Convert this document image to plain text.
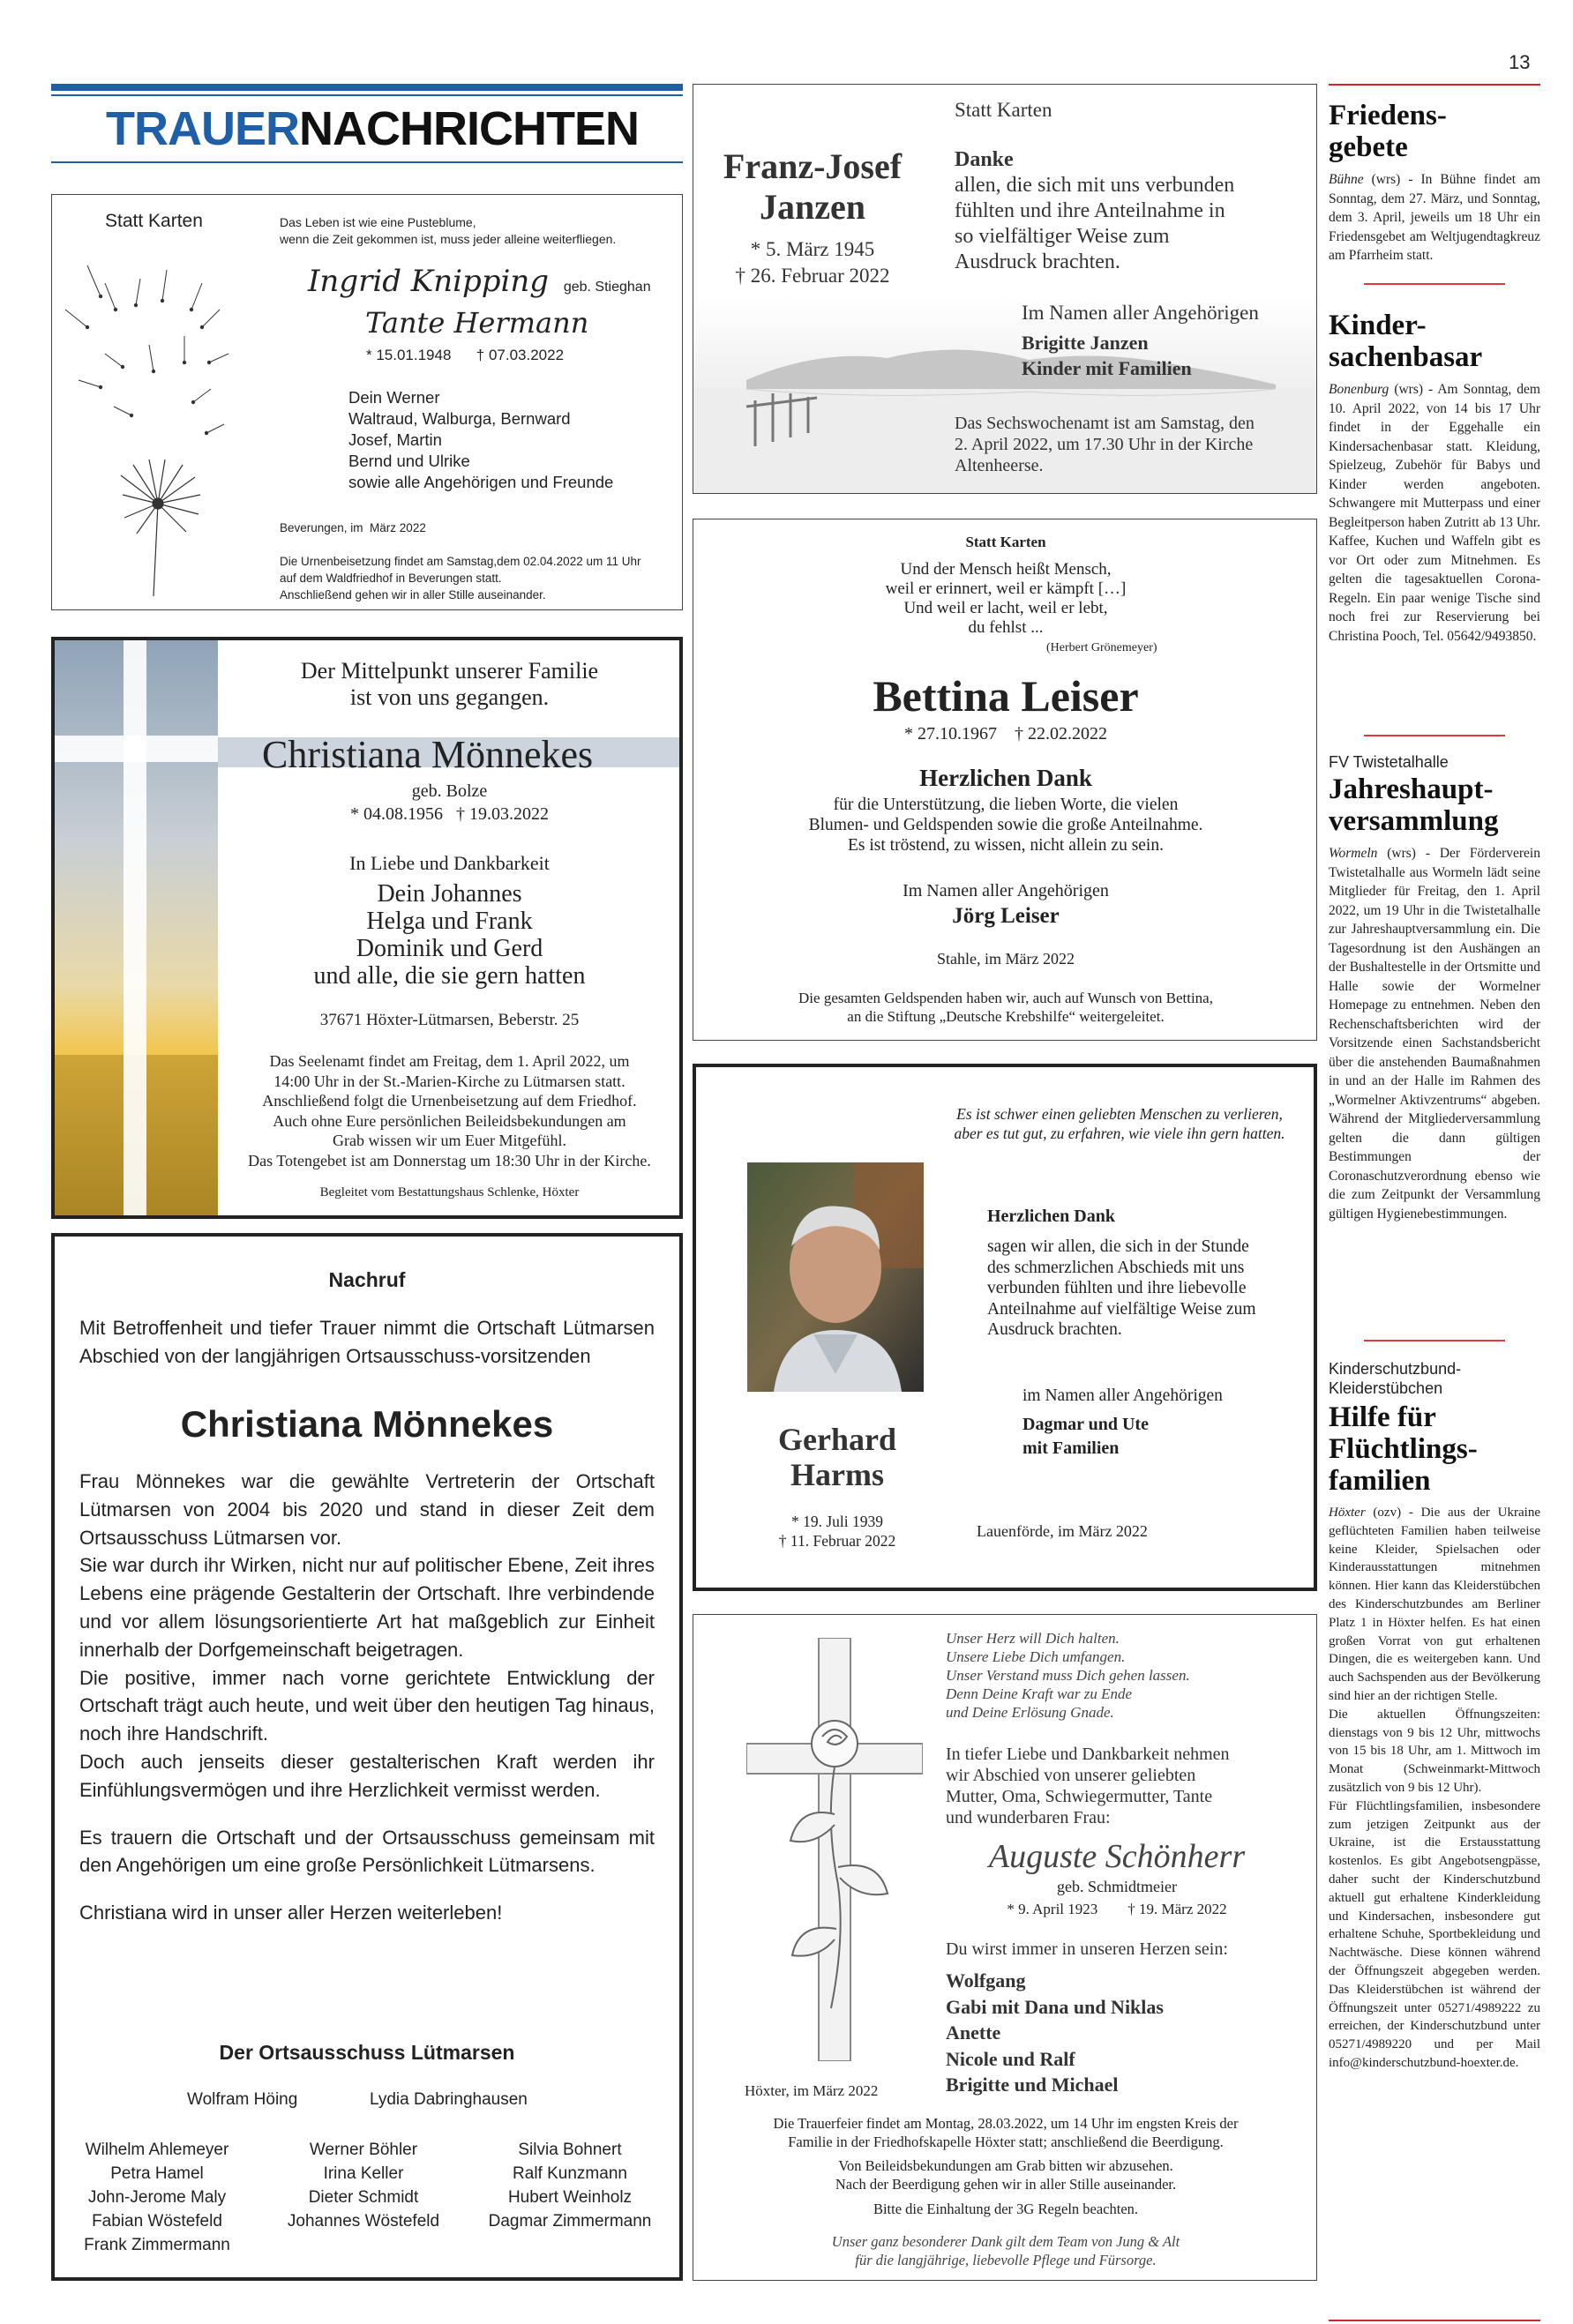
13
TRAUERNACHRICHTEN
Statt Karten	Das Leben ist wie eine Pusteblume,
wenn die Zeit gekommen ist, muss jeder alleine weiterfliegen.
Ingrid Knipping geb. Stieghan
Tante Hermann
* 15.01.1948      † 07.03.2022
Dein Werner
Waltraud, Walburga, Bernward
Josef, Martin
Bernd und Ulrike
sowie alle Angehörigen und Freunde
Beverungen, im  März 2022
Die Urnenbeisetzung findet am Samstag,dem 02.04.2022 um 11 Uhr
auf dem Waldfriedhof in Beverungen statt.
Anschließend gehen wir in aller Stille auseinander.
Statt Karten
Franz-Josef
Janzen
* 5. März 1945
† 26. Februar 2022
Danke
allen, die sich mit uns verbunden
fühlten und ihre Anteilnahme in
so vielfältiger Weise zum
Ausdruck brachten.
Im Namen aller Angehörigen
Brigitte Janzen
Kinder mit Familien
Das Sechswochenamt ist am Samstag, den
2. April 2022, um 17.30 Uhr in der Kirche
Altenheerse.
Der Mittelpunkt unserer Familie
ist von uns gegangen.
Christiana Mönnekes
geb. Bolze
* 04.08.1956   † 19.03.2022
In Liebe und Dankbarkeit
Dein Johannes
Helga und Frank
Dominik und Gerd
und alle, die sie gern hatten
37671 Höxter-Lütmarsen, Beberstr. 25
Das Seelenamt findet am Freitag, dem 1. April 2022, um
14:00 Uhr in der St.-Marien-Kirche zu Lütmarsen statt.
Anschließend folgt die Urnenbeisetzung auf dem Friedhof.
Auch ohne Eure persönlichen Beileidsbekundungen am
Grab wissen wir um Euer Mitgefühl.
Das Totengebet ist am Donnerstag um 18:30 Uhr in der Kirche.
Begleitet vom Bestattungshaus Schlenke, Höxter
Statt Karten
Und der Mensch heißt Mensch,
weil er erinnert, weil er kämpft […]
Und weil er lacht, weil er lebt,
du fehlst ...
(Herbert Grönemeyer)
Bettina Leiser
* 27.10.1967    † 22.02.2022
Herzlichen Dank
für die Unterstützung, die lieben Worte, die vielen
Blumen- und Geldspenden sowie die große Anteilnahme.
Es ist tröstend, zu wissen, nicht allein zu sein.
Im Namen aller Angehörigen
Jörg Leiser
Stahle, im März 2022
Die gesamten Geldspenden haben wir, auch auf Wunsch von Bettina,
an die Stiftung „Deutsche Krebshilfe“ weitergeleitet.
Nachruf
Mit Betroffenheit und tiefer Trauer nimmt die Ortschaft Lütmarsen Abschied von der langjährigen Ortsausschuss-vorsitzenden
Christiana Mönnekes
Frau Mönnekes war die gewählte Vertreterin der Ortschaft Lütmarsen von 2004 bis 2020 und stand in dieser Zeit dem Ortsausschuss Lütmarsen vor.
Sie war durch ihr Wirken, nicht nur auf politischer Ebene, Zeit ihres Lebens eine prägende Gestalterin der Ortschaft. Ihre verbindende und vor allem lösungsorientierte Art hat maßgeblich zur Einheit innerhalb der Dorfgemeinschaft beigetragen.
Die positive, immer nach vorne gerichtete Entwicklung der Ortschaft trägt auch heute, und weit über den heutigen Tag hinaus, noch ihre Handschrift.
Doch auch jenseits dieser gestalterischen Kraft werden ihr Einfühlungsvermögen und ihre Herzlichkeit vermisst werden.
Es trauern die Ortschaft und der Ortsausschuss gemeinsam mit den Angehörigen um eine große Persönlichkeit Lütmarsens.
Christiana wird in unser aller Herzen weiterleben!
Der Ortsausschuss Lütmarsen
Wolfram Höing	Lydia Dabringhausen
Wilhelm Ahlemeyer
Petra Hamel
John-Jerome Maly
Fabian Wöstefeld
Frank Zimmermann
Werner Böhler
Irina Keller
Dieter Schmidt
Johannes Wöstefeld
Silvia Bohnert
Ralf Kunzmann
Hubert Weinholz
Dagmar Zimmermann
Es ist schwer einen geliebten Menschen zu verlieren,
aber es tut gut, zu erfahren, wie viele ihn gern hatten.
Gerhard
Harms
* 19. Juli 1939
† 11. Februar 2022
Herzlichen Dank
sagen wir allen, die sich in der Stunde
des schmerzlichen Abschieds mit uns
verbunden fühlten und ihre liebevolle
Anteilnahme auf vielfältige Weise zum
Ausdruck brachten.
im Namen aller Angehörigen
Dagmar und Ute
mit Familien
Lauenförde, im März 2022
Unser Herz will Dich halten.
Unsere Liebe Dich umfangen.
Unser Verstand muss Dich gehen lassen.
Denn Deine Kraft war zu Ende
und Deine Erlösung Gnade.
In tiefer Liebe und Dankbarkeit nehmen
wir Abschied von unserer geliebten
Mutter, Oma, Schwiegermutter, Tante
und wunderbaren Frau:
Auguste Schönherr
geb. Schmidtmeier
* 9. April 1923        † 19. März 2022
Du wirst immer in unseren Herzen sein:
Wolfgang
Gabi mit Dana und Niklas
Anette
Nicole und Ralf
Brigitte und Michael
Höxter, im März 2022
Die Trauerfeier findet am Montag, 28.03.2022, um 14 Uhr im engsten Kreis der
Familie in der Friedhofskapelle Höxter statt; anschließend die Beerdigung.
Von Beileidsbekundungen am Grab bitten wir abzusehen.
Nach der Beerdigung gehen wir in aller Stille auseinander.
Bitte die Einhaltung der 3G Regeln beachten.
Unser ganz besonderer Dank gilt dem Team von Jung & Alt
für die langjährige, liebevolle Pflege und Fürsorge.
Friedens-
gebete
Bühne (wrs) - In Bühne findet am Sonntag, dem 27. März, und Sonntag, dem 3. April, jeweils um 18 Uhr ein Friedensgebet am Weltjugendtagkreuz am Pfarrheim statt.
Kinder-
sachenbasar
Bonenburg (wrs) - Am Sonntag, dem 10. April 2022, von 14 bis 17 Uhr findet in der Eggehalle ein Kindersachenbasar statt. Kleidung, Spielzeug, Zubehör für Babys und Kinder werden angeboten. Schwangere mit Mutterpass und einer Begleitperson haben Zutritt ab 13 Uhr. Kaffee, Kuchen und Waffeln gibt es vor Ort oder zum Mitnehmen. Es gelten die tagesaktuellen Corona-Regeln. Ein paar wenige Tische sind noch frei zur Reservierung bei Christina Pooch, Tel. 05642/9493850.
FV Twistetalhalle
Jahreshaupt-
versammlung
Wormeln (wrs) - Der Förderverein Twistetalhalle aus Wormeln lädt seine Mitglieder für Freitag, den 1. April 2022, um 19 Uhr in die Twistetalhalle zur Jahreshauptversammlung ein. Die Tagesordnung ist den Aushängen an der Bushaltestelle in der Ortsmitte und Halle sowie der Wormelner Homepage zu entnehmen. Neben den Rechenschaftsberichten wird der Vorsitzende einen Sachstandsbericht über die anstehenden Baumaßnahmen in und an der Halle im Rahmen des „Wormelner Aktivzentrums“ abgeben. Während der Mitgliederversammlung gelten die dann gültigen Bestimmungen der Coronaschutzverordnung ebenso wie die zum Zeitpunkt der Versammlung gültigen Hygienebestimmungen.
Kinderschutzbund-
Kleiderstübchen
Hilfe für
Flüchtlings-
familien
Höxter (ozv) - Die aus der Ukraine geflüchteten Familien haben teilweise keine Kleider, Spielsachen oder Kinderausstattungen mitnehmen können. Hier kann das Kleiderstübchen des Kinderschutzbundes am Berliner Platz 1 in Höxter helfen. Es hat einen großen Vorrat von gut erhaltenen Dingen, die es weitergeben kann. Und auch Sachspenden aus der Bevölkerung sind hier an der richtigen Stelle.
Die aktuellen Öffnungszeiten: dienstags von 9 bis 12 Uhr, mittwochs von 15 bis 18 Uhr, am 1. Mittwoch im Monat (Schweinmarkt-Mittwoch zusätzlich von 9 bis 12 Uhr).
Für Flüchtlingsfamilien, insbesondere zum jetzigen Zeitpunkt aus der Ukraine, ist die Erstausstattung kostenlos. Es gibt Angebotsengpässe, daher sucht der Kinderschutzbund aktuell gut erhaltene Kinderkleidung und Kindersachen, insbesondere gut erhaltene Schuhe, Sportbekleidung und Nachtwäsche. Diese können während der Öffnungszeit abgegeben werden. Das Kleiderstübchen ist während der Öffnungszeit unter 05271/4989222 zu erreichen, der Kinderschutzbund unter 05271/4989220 und per Mail info@kinderschutzbund-hoexter.de.
